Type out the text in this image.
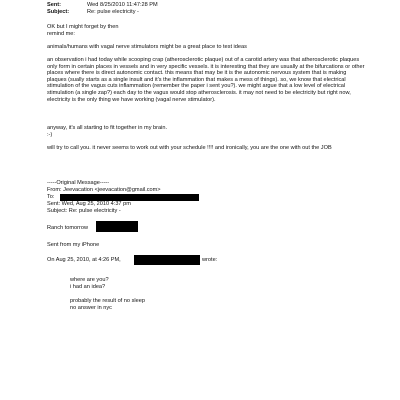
Sent:	Wed 8/25/2010 11:47:28 PM
Subject:	Re: pulse electricity -
OK but I might forget by then
remind me:
animals/humans with vagal nerve stimulators might be a great place to test ideas
an observation i had today while scooping crap (atherosclerotic plaque) out of a carotid artery was that atherosclerotic plaques only form in certain places in vessels and in very specific vessels. it is interesting that they are usually at the bifurcations or other places where there is direct autonomic contact. this means that may be it is the autonomic nervous system that is making plaques (sually starts as a single insult and it's the inflammation that makes a mess of things). so, we know that electrical stimulation of the vagus cuts inflammation (remember the paper i sent you?). we might argue that a low level of electrical stimulation (a single zap?) each day to the vagus would stop atherosclerosis. it may not need to be electricity but right now, electricity is the only thing we have working (vagal nerve stimulator).
anyway, it's all starting to fit together in my brain.
:-)
will try to call you. it never seems to work out with your schedule !!!! and ironically, you are the one with out the JOB
-----Original Message-----
From: Jeevacation <jeevacation@gmail.com>
To:
Sent: Wed, Aug 25, 2010 4:37 pm
Subject: Re: pulse electricity -
Ranch tomorrow
Sent from my iPhone
On Aug 25, 2010, at 4:26 PM,	wrote:
where are you?
i had an idea?
probably the result of no sleep
no answer in nyc
